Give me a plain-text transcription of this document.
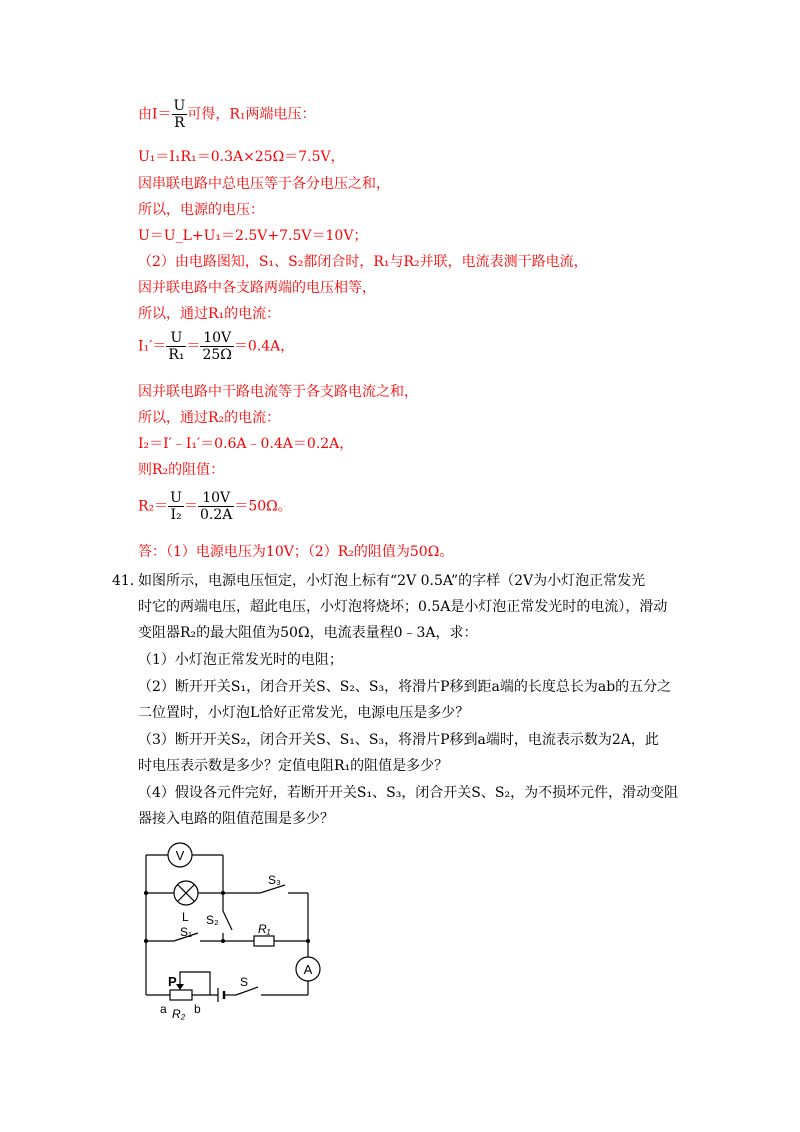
由$I= \frac{U}{R}$ 可得，R₁两端电压：
U₁＝I₁R₁＝0.3A×25Ω＝7.5V，
因串联电路中总电压等于各分电压之和，
所以，电源的电压：
U＝U_L+U₁＝2.5V+7.5V＝10V；
（2）由电路图知，S₁、S₂都闭合时，R₁与R₂并联，电流表测干路电流，
因并联电路中各支路两端的电压相等，
所以，通过R₁的电流：
$I_1'= \frac{U}{\text{R₁}} = \frac{10V}{25\Omega} =0.4A$，
因并联电路中干路电流等于各支路电流之和，
所以，通过R₂的电流：
I₂＝I′﹣I₁′＝0.6A﹣0.4A＝0.2A，
则R₂的阻值：
$R_2= \frac{U}{\text{I₂}} = \frac{10V}{0.2A} =50\Omega$。
答：（1）电源电压为10V；（2）R₂的阻值为50Ω。
41．
如图所示，电源电压恒定，小灯泡上标有“2V 0.5A”的字样（2V为小灯泡正常发光
时它的两端电压，超此电压，小灯泡将烧坏；0.5A是小灯泡正常发光时的电流），滑动
变阻器R₂的最大阻值为50Ω，电流表量程0﹣3A，求：
（1）小灯泡正常发光时的电阻；
（2）断开开关S₁，闭合开关S、S₂、S₃，将滑片P移到距a端的长度总长为ab的五分之
二位置时，小灯泡L恰好正常发光，电源电压是多少？
（3）断开开关S₂，闭合开关S、S₁、S₃，将滑片P移到a端时，电流表示数为2A，此
时电压表示数是多少？定值电阻R₁的阻值是多少？
（4）假设各元件完好，若断开开关S₁、S₃，闭合开关S、S₂，为不损坏元件，滑动变阻
器接入电路的阻值范围是多少？
V
A
L
S₃
S₂
S₁	R₁
S
P
a R₂ b
